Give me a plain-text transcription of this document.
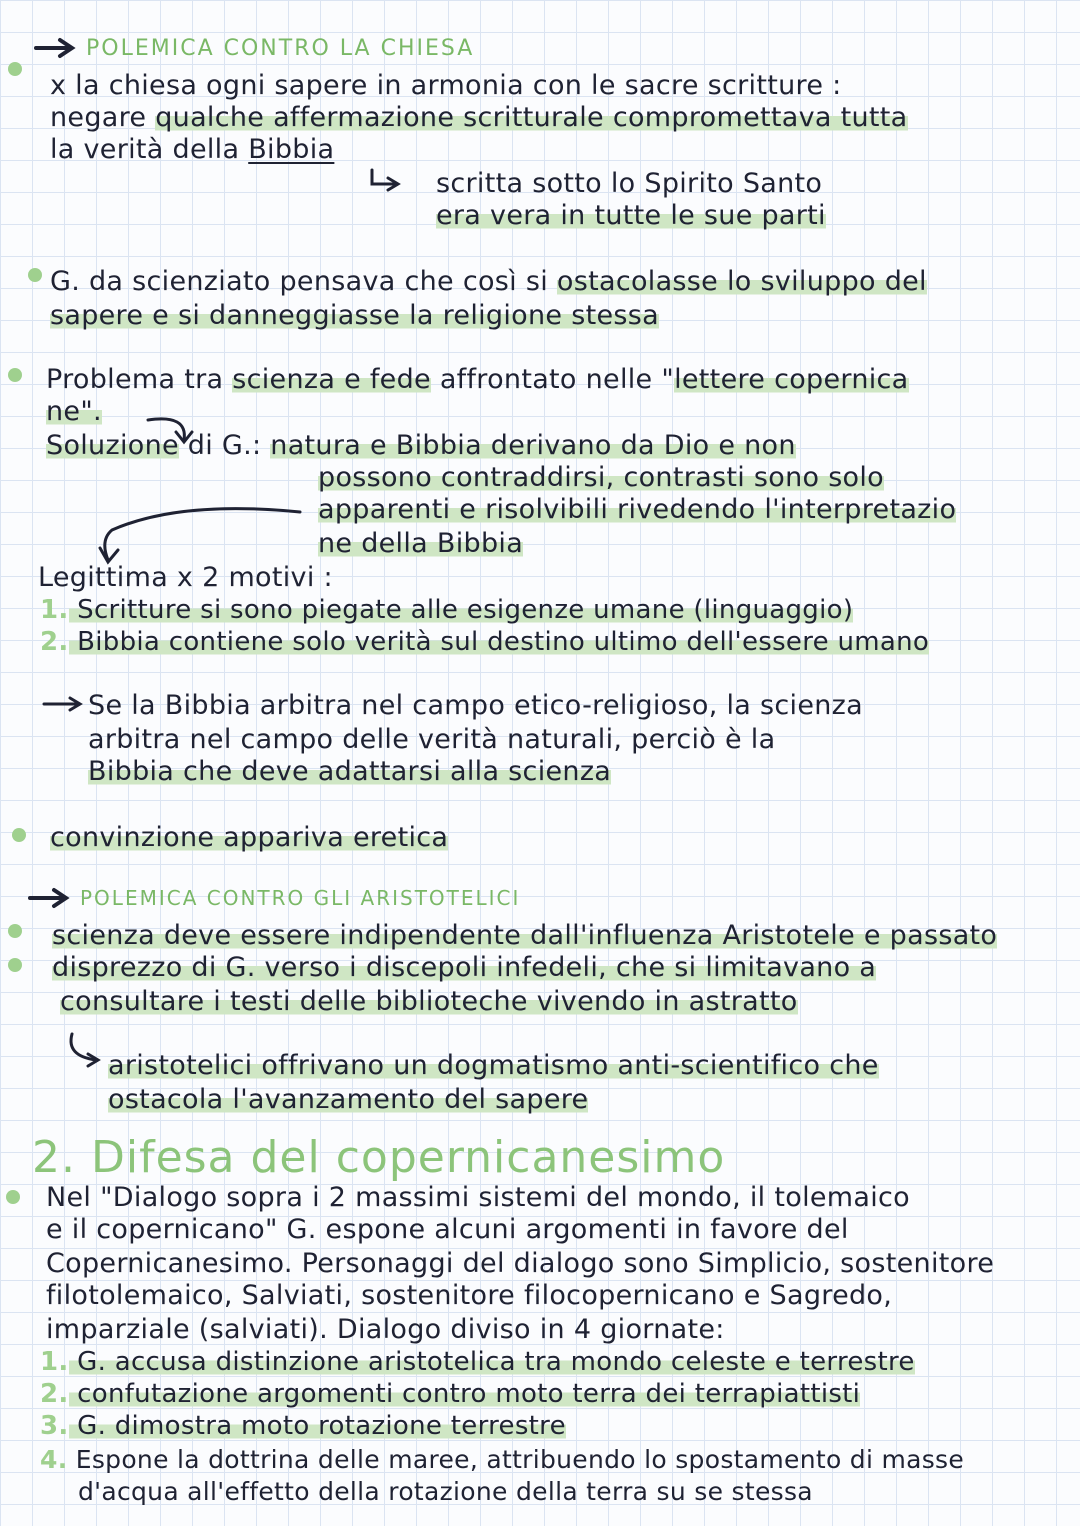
POLEMICA CONTRO LA CHIESA
x la chiesa ogni sapere in armonia con le sacre scritture :
negare qualche affermazione scritturale compromettava tutta
la verità della Bibbia
scritta sotto lo Spirito Santo
era vera in tutte le sue parti
G. da scienziato pensava che così si ostacolasse lo sviluppo del
sapere e si danneggiasse la religione stessa
Problema tra scienza e fede affrontato nelle "lettere copernica
ne".
Soluzione di G.: natura e Bibbia derivano da Dio e non
possono contraddirsi, contrasti sono solo
apparenti e risolvibili rivedendo l'interpretazio
ne della Bibbia
Legittima x 2 motivi :
1. Scritture si sono piegate alle esigenze umane (linguaggio)
2. Bibbia contiene solo verità sul destino ultimo dell'essere umano
Se la Bibbia arbitra nel campo etico-religioso, la scienza
arbitra nel campo delle verità naturali, perciò è la
Bibbia che deve adattarsi alla scienza
convinzione appariva eretica
POLEMICA CONTRO GLI ARISTOTELICI
scienza deve essere indipendente dall'influenza Aristotele e passato
disprezzo di G. verso i discepoli infedeli, che si limitavano a
consultare i testi delle biblioteche vivendo in astratto
aristotelici offrivano un dogmatismo anti-scientifico che
ostacola l'avanzamento del sapere
2. Difesa del copernicanesimo
Nel "Dialogo sopra i 2 massimi sistemi del mondo, il tolemaico
e il copernicano" G. espone alcuni argomenti in favore del
Copernicanesimo. Personaggi del dialogo sono Simplicio, sostenitore
filotolemaico, Salviati, sostenitore filocopernicano e Sagredo,
imparziale (salviati). Dialogo diviso in 4 giornate:
1. G. accusa distinzione aristotelica tra mondo celeste e terrestre
2. confutazione argomenti contro moto terra dei terrapiattisti
3. G. dimostra moto rotazione terrestre
4. Espone la dottrina delle maree, attribuendo lo spostamento di masse
d'acqua all'effetto della rotazione della terra su se stessa
